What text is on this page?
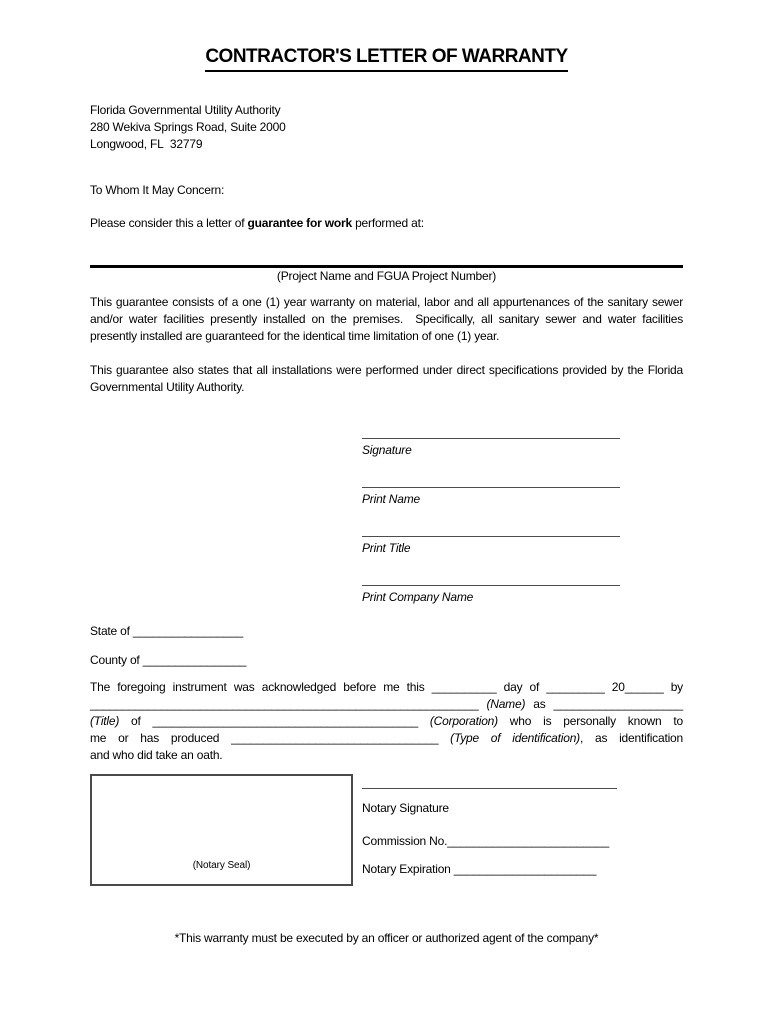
CONTRACTOR'S LETTER OF WARRANTY
Florida Governmental Utility Authority
280 Wekiva Springs Road, Suite 2000
Longwood, FL  32779
To Whom It May Concern:
Please consider this a letter of guarantee for work performed at:
(Project Name and FGUA Project Number)
This guarantee consists of a one (1) year warranty on material, labor and all appurtenances of the sanitary sewer and/or water facilities presently installed on the premises.  Specifically, all sanitary sewer and water facilities presently installed are guaranteed for the identical time limitation of one (1) year.
This guarantee also states that all installations were performed under direct specifications provided by the Florida Governmental Utility Authority.
Signature
Print Name
Print Title
Print Company Name
State of _________________
County of ________________
The foregoing instrument was acknowledged before me this __________ day of _________ 20______ by
____________________________________________________________ (Name) as ____________________
(Title) of _________________________________________ (Corporation) who is personally known to
me or has produced ________________________________ (Type of identification), as identification
and who did take an oath.
(Notary Seal)
Notary Signature
Commission No._________________________
Notary Expiration ______________________
*This warranty must be executed by an officer or authorized agent of the company*
